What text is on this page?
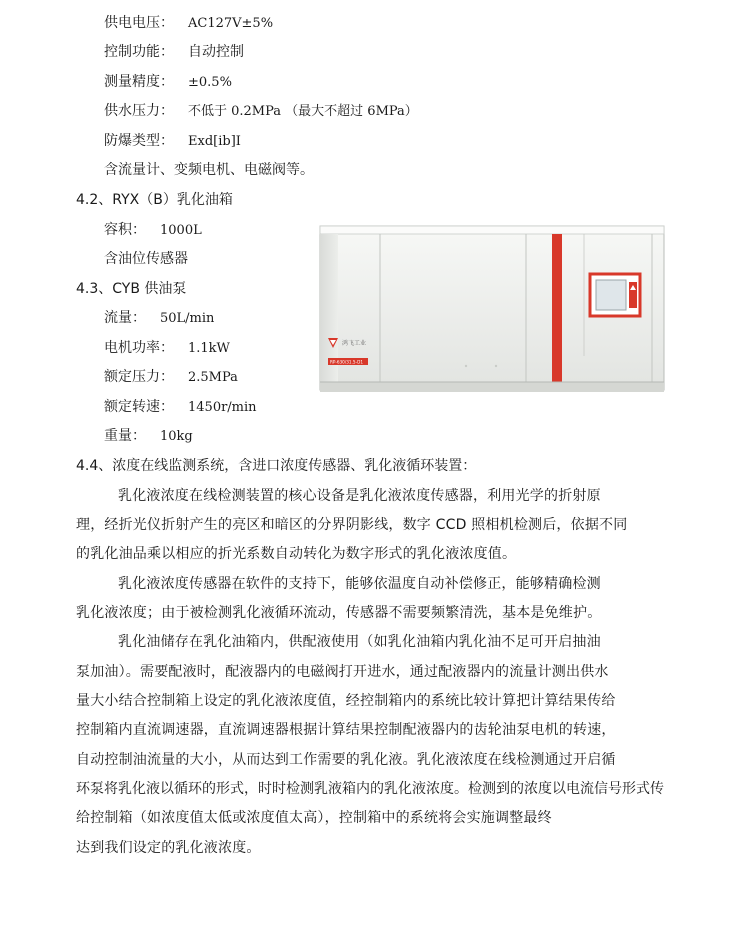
供电电压： AC127V±5%
控制功能： 自动控制
测量精度： ±0.5%
供水压力： 不低于 0.2MPa （最大不超过 6MPa）
防爆类型： Exd[ib]I
含流量计、变频电机、电磁阀等。
4.2、RYX（B）乳化油箱
容积： 1000L
含油位传感器
4.3、CYB 供油泵
流量： 50L/min
电机功率： 1.1kW
额定压力： 2.5MPa
额定转速： 1450r/min
重量： 10kg
4.4、浓度在线监测系统，含进口浓度传感器、乳化液循环装置：
乳化液浓度在线检测装置的核心设备是乳化液浓度传感器，利用光学的折射原
理，经折光仪折射产生的亮区和暗区的分界阴影线，数字 CCD 照相机检测后，依据不同
的乳化油品乘以相应的折光系数自动转化为数字形式的乳化液浓度值。
乳化液浓度传感器在软件的支持下，能够依温度自动补偿修正，能够精确检测
乳化液浓度；由于被检测乳化液循环流动，传感器不需要频繁清洗，基本是免维护。
乳化油储存在乳化油箱内，供配液使用（如乳化油箱内乳化油不足可开启抽油
泵加油）。需要配液时，配液器内的电磁阀打开进水，通过配液器内的流量计测出供水
量大小结合控制箱上设定的乳化液浓度值，经控制箱内的系统比较计算把计算结果传给
控制箱内直流调速器，直流调速器根据计算结果控制配液器内的齿轮油泵电机的转速，
自动控制油流量的大小，从而达到工作需要的乳化液。乳化液浓度在线检测通过开启循
环泵将乳化液以循环的形式，时时检测乳液箱内的乳化液浓度。检测到的浓度以电流信号形式传
给控制箱（如浓度值太低或浓度值太高），控制箱中的系统将会实施调整最终
达到我们设定的乳化液浓度。
鸿飞工业
RP-630/31.5-D1
